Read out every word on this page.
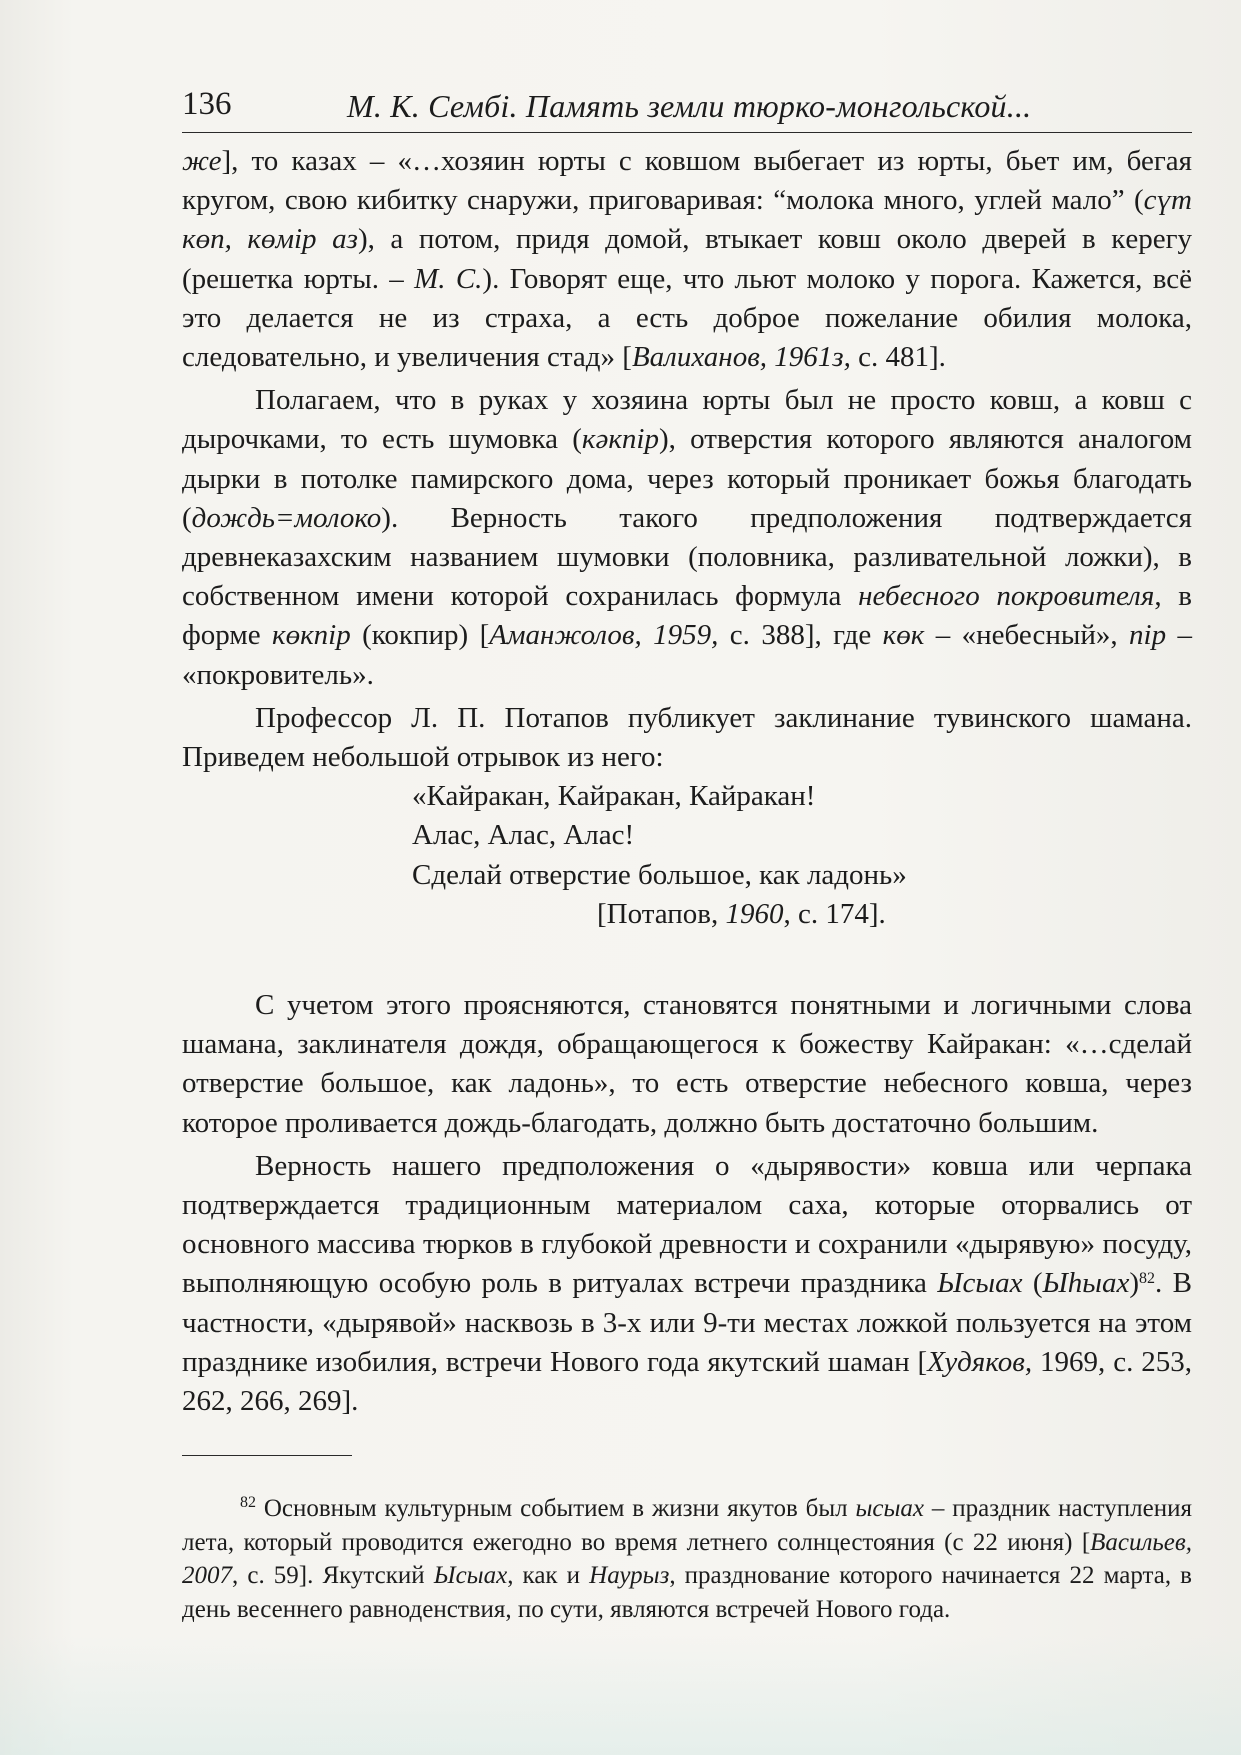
136	М. К. Сембі. Память земли тюрко-монгольской...

же], то казах – «…хозяин юрты с ковшом выбегает из юрты, бьет им, бегая кругом, свою кибитку снаружи, приговаривая: “молока много, углей мало” (сүт көп, көмір аз), а потом, придя домой, втыкает ковш около дверей в кeрегу (решетка юрты. – М. С.). Говорят еще, что льют молоко у порога. Кажется, всё это делается не из страха, а есть доброе пожелание обилия молока, следовательно, и увеличения стад» [Валиханов, 1961з, с. 481].

Полагаем, что в руках у хозяина юрты был не просто ковш, а ковш с дырочками, то есть шумовка (кәкпір), отверстия которого являются аналогом дырки в потолке памирского дома, через который проникает божья благодать (дождь=молоко). Верность такого предположения подтверждается древнеказахским названием шумовки (половника, разливательной ложки), в собственном имени которой сохранилась формула небесного покровителя, в форме көкпір (кокпир) [Аманжолов, 1959, с. 388], где көк – «небесный», пір – «покровитель».

Профессор Л. П. Потапов публикует заклинание тувинского шамана. Приведем небольшой отрывок из него:

«Кайракан, Кайракан, Кайракан!
Алас, Алас, Алас!
Сделай отверстие большое, как ладонь»
[Потапов, 1960, с. 174].

С учетом этого проясняются, становятся понятными и логичными слова шамана, заклинателя дождя, обращающегося к божеству Кайракан: «…сделай отверстие большое, как ладонь», то есть отверстие небесного ковша, через которое проливается дождь-благодать, должно быть достаточно большим.

Верность нашего предположения о «дырявости» ковша или черпака подтверждается традиционным материалом саха, которые оторвались от основного массива тюрков в глубокой древности и сохранили «дырявую» посуду, выполняющую особую роль в ритуалах встречи праздника Ысыах (Ыhыах)$^{82}$. В частности, «дырявой» насквозь в 3-х или 9-ти местах ложкой пользуется на этом празднике изобилия, встречи Нового года якутский шаман [Худяков, 1969, с. 253, 262, 266, 269].

$^{82}$ Основным культурным событием в жизни якутов был ысыах – праздник наступления лета, который проводится ежегодно во время летнего солнцестояния (с 22 июня) [Васильев, 2007, с. 59]. Якутский Ысыах, как и Наурыз, празднование которого начинается 22 марта, в день весеннего равноденствия, по сути, являются встречей Нового года.
